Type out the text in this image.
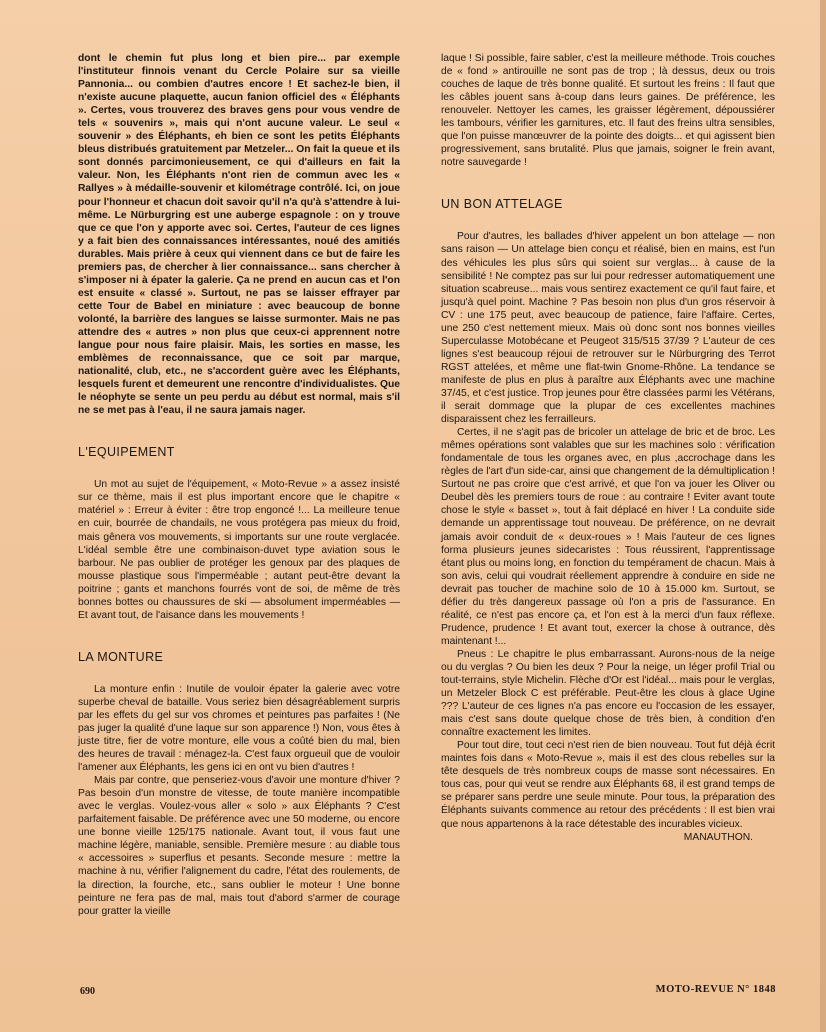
dont le chemin fut plus long et bien pire... par exemple l'instituteur finnois venant du Cercle Polaire sur sa vieille Pannonia... ou combien d'autres encore ! Et sachez-le bien, il n'existe aucune plaquette, aucun fanion officiel des « Éléphants ». Certes, vous trouverez des braves gens pour vous vendre de tels « souvenirs », mais qui n'ont aucune valeur. Le seul « souvenir » des Éléphants, eh bien ce sont les petits Éléphants bleus distribués gratuitement par Metzeler... On fait la queue et ils sont donnés parcimonieusement, ce qui d'ailleurs en fait la valeur. Non, les Éléphants n'ont rien de commun avec les « Rallyes » à médaille-souvenir et kilométrage contrôlé. Ici, on joue pour l'honneur et chacun doit savoir qu'il n'a qu'à s'attendre à lui-même. Le Nürburgring est une auberge espagnole : on y trouve que ce que l'on y apporte avec soi. Certes, l'auteur de ces lignes y a fait bien des connaissances intéressantes, noué des amitiés durables. Mais prière à ceux qui viennent dans ce but de faire les premiers pas, de chercher à lier connaissance... sans chercher à s'imposer ni à épater la galerie. Ça ne prend en aucun cas et l'on est ensuite « classé ». Surtout, ne pas se laisser effrayer par cette Tour de Babel en miniature : avec beaucoup de bonne volonté, la barrière des langues se laisse surmonter. Mais ne pas attendre des « autres » non plus que ceux-ci apprennent notre langue pour nous faire plaisir. Mais, les sorties en masse, les emblèmes de reconnaissance, que ce soit par marque, nationalité, club, etc., ne s'accordent guère avec les Éléphants, lesquels furent et demeurent une rencontre d'individualistes. Que le néophyte se sente un peu perdu au début est normal, mais s'il ne se met pas à l'eau, il ne saura jamais nager.

L'EQUIPEMENT

Un mot au sujet de l'équipement, « Moto-Revue » a assez insisté sur ce thème, mais il est plus important encore que le chapitre « matériel » : Erreur à éviter : être trop engoncé !... La meilleure tenue en cuir, bourrée de chandails, ne vous protégera pas mieux du froid, mais gênera vos mouvements, si importants sur une route verglacée. L'idéal semble être une combinaison-duvet type aviation sous le barbour. Ne pas oublier de protéger les genoux par des plaques de mousse plastique sous l'imperméable ; autant peut-être devant la poitrine ; gants et manchons fourrés vont de soi, de même de très bonnes bottes ou chaussures de ski — absolument imperméables — Et avant tout, de l'aisance dans les mouvements !

LA MONTURE

La monture enfin : Inutile de vouloir épater la galerie avec votre superbe cheval de bataille. Vous seriez bien désagréablement surpris par les effets du gel sur vos chromes et peintures pas parfaites ! (Ne pas juger la qualité d'une laque sur son apparence !) Non, vous êtes à juste titre, fier de votre monture, elle vous a coûté bien du mal, bien des heures de travail : ménagez-la. C'est faux orgueuil que de vouloir l'amener aux Éléphants, les gens ici en ont vu bien d'autres !

Mais par contre, que penseriez-vous d'avoir une monture d'hiver ? Pas besoin d'un monstre de vitesse, de toute manière incompatible avec le verglas. Voulez-vous aller « solo » aux Éléphants ? C'est parfaitement faisable. De préférence avec une 50 moderne, ou encore une bonne vieille 125/175 nationale. Avant tout, il vous faut une machine légère, maniable, sensible. Première mesure : au diable tous « accessoires » superflus et pesants. Seconde mesure : mettre la machine à nu, vérifier l'alignement du cadre, l'état des roulements, de la direction, la fourche, etc., sans oublier le moteur ! Une bonne peinture ne fera pas de mal, mais tout d'abord s'armer de courage pour gratter la vieille

laque ! Si possible, faire sabler, c'est la meilleure méthode. Trois couches de « fond » antirouille ne sont pas de trop ; là dessus, deux ou trois couches de laque de très bonne qualité. Et surtout les freins : Il faut que les câbles jouent sans à-coup dans leurs gaines. De préférence, les renouveler. Nettoyer les cames, les graisser légèrement, dépoussiérer les tambours, vérifier les garnitures, etc. Il faut des freins ultra sensibles, que l'on puisse manœuvrer de la pointe des doigts... et qui agissent bien progressivement, sans brutalité. Plus que jamais, soigner le frein avant, notre sauvegarde !

UN BON ATTELAGE

Pour d'autres, les ballades d'hiver appelent un bon attelage — non sans raison — Un attelage bien conçu et réalisé, bien en mains, est l'un des véhicules les plus sûrs qui soient sur verglas... à cause de la sensibilité ! Ne comptez pas sur lui pour redresser automatiquement une situation scabreuse... mais vous sentirez exactement ce qu'il faut faire, et jusqu'à quel point. Machine ? Pas besoin non plus d'un gros réservoir à CV : une 175 peut, avec beaucoup de patience, faire l'affaire. Certes, une 250 c'est nettement mieux. Mais où donc sont nos bonnes vieilles Superculasse Motobécane et Peugeot 315/515 37/39 ? L'auteur de ces lignes s'est beaucoup réjoui de retrouver sur le Nürburgring des Terrot RGST attelées, et même une flat-twin Gnome-Rhône. La tendance se manifeste de plus en plus à paraître aux Éléphants avec une machine 37/45, et c'est justice. Trop jeunes pour être classées parmi les Vétérans, il serait dommage que la plupar de ces excellentes machines disparaissent chez les ferrailleurs.

Certes, il ne s'agit pas de bricoler un attelage de bric et de broc. Les mêmes opérations sont valables que sur les machines solo : vérification fondamentale de tous les organes avec, en plus ,accrochage dans les règles de l'art d'un side-car, ainsi que changement de la démultiplication ! Surtout ne pas croire que c'est arrivé, et que l'on va jouer les Oliver ou Deubel dès les premiers tours de roue : au contraire ! Eviter avant toute chose le style « basset », tout à fait déplacé en hiver ! La conduite side demande un apprentissage tout nouveau. De préférence, on ne devrait jamais avoir conduit de « deux-roues » ! Mais l'auteur de ces lignes forma plusieurs jeunes sidecaristes : Tous réussirent, l'apprentissage étant plus ou moins long, en fonction du tempérament de chacun. Mais à son avis, celui qui voudrait réellement apprendre à conduire en side ne devrait pas toucher de machine solo de 10 à 15.000 km. Surtout, se défier du très dangereux passage où l'on a pris de l'assurance. En réalité, ce n'est pas encore ça, et l'on est à la merci d'un faux réflexe. Prudence, prudence ! Et avant tout, exercer la chose à outrance, dès maintenant !...

Pneus : Le chapitre le plus embarrassant. Aurons-nous de la neige ou du verglas ? Ou bien les deux ? Pour la neige, un léger profil Trial ou tout-terrains, style Michelin. Flèche d'Or est l'idéal... mais pour le verglas, un Metzeler Block C est préférable. Peut-être les clous à glace Ugine ??? L'auteur de ces lignes n'a pas encore eu l'occasion de les essayer, mais c'est sans doute quelque chose de très bien, à condition d'en connaître exactement les limites.

Pour tout dire, tout ceci n'est rien de bien nouveau. Tout fut déjà écrit maintes fois dans « Moto-Revue », mais il est des clous rebelles sur la tête desquels de très nombreux coups de masse sont nécessaires. En tous cas, pour qui veut se rendre aux Éléphants 68, il est grand temps de se préparer sans perdre une seule minute. Pour tous, la préparation des Éléphants suivants commence au retour des précédents : Il est bien vrai que nous appartenons à la race détestable des incurables vicieux.

MANAUTHON.

690	MOTO-REVUE N° 1848
